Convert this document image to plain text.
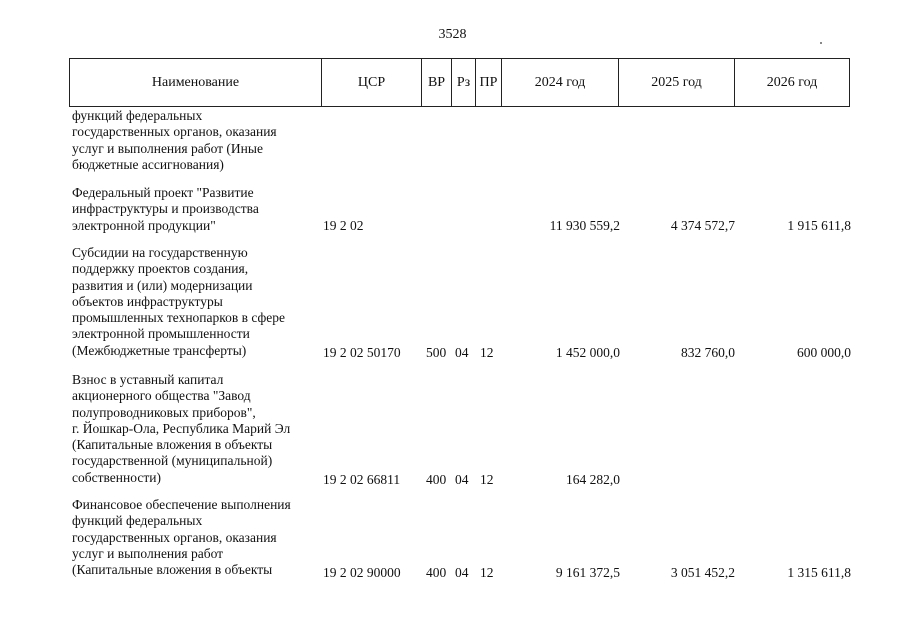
3528
Наименование	ЦСР	ВР Рз ПР	2024 год	2025 год	2026 год
функций федеральных
государственных органов, оказания
услуг и выполнения работ (Иные
бюджетные ассигнования)
Федеральный проект "Развитие
инфраструктуры и производства
электронной продукции"	19 2 02	11 930 559,2	4 374 572,7	1 915 611,8
Субсидии на государственную
поддержку проектов создания,
развития и (или) модернизации
объектов инфраструктуры
промышленных технопарков в сфере
электронной промышленности
(Межбюджетные трансферты)	19 2 02 50170 500 04 12	1 452 000,0	832 760,0	600 000,0
Взнос в уставный капитал
акционерного общества "Завод
полупроводниковых приборов",
г. Йошкар-Ола, Республика Марий Эл
(Капитальные вложения в объекты
государственной (муниципальной)
собственности)	19 2 02 66811 400 04 12	164 282,0
Финансовое обеспечение выполнения
функций федеральных
государственных органов, оказания
услуг и выполнения работ
(Капитальные вложения в объекты	19 2 02 90000 400 04 12	9 161 372,5	3 051 452,2	1 315 611,8
